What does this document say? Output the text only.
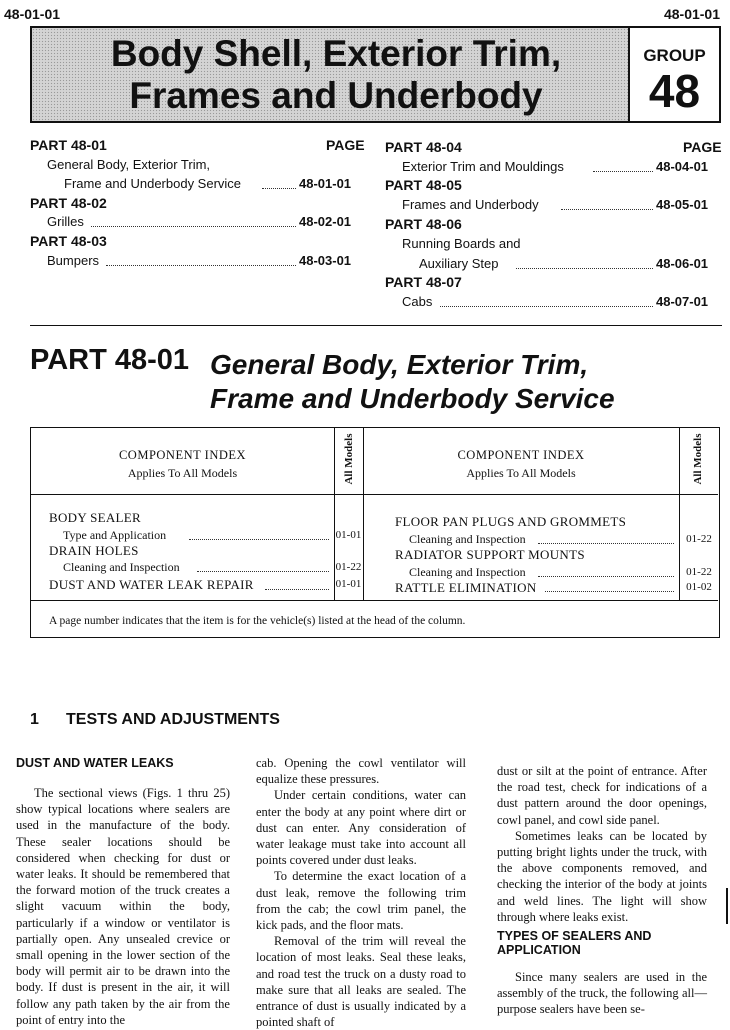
48-01-01	48-01-01
Body Shell, Exterior Trim,
Frames and Underbody
GROUP
48
PART 48-01	PAGE
General Body, Exterior Trim,
Frame and Underbody Service	48-01-01
PART 48-02
Grilles	48-02-01
PART 48-03
Bumpers	48-03-01
PART 48-04	PAGE
Exterior Trim and Mouldings	48-04-01
PART 48-05
Frames and Underbody	48-05-01
PART 48-06
Running Boards and
Auxiliary Step	48-06-01
PART 48-07
Cabs	48-07-01
PART 48-01 General Body, Exterior Trim,
Frame and Underbody Service
COMPONENT INDEX
Applies To All Models	All Models	COMPONENT INDEX
Applies To All Models	All Models
BODY SEALER
Type and Application	01-01
DRAIN HOLES
Cleaning and Inspection	01-22
DUST AND WATER LEAK REPAIR	01-01
FLOOR PAN PLUGS AND GROMMETS
Cleaning and Inspection	01-22
RADIATOR SUPPORT MOUNTS
Cleaning and Inspection	01-22
RATTLE ELIMINATION	01-02
A page number indicates that the item is for the vehicle(s) listed at the head of the column.
1 TESTS AND ADJUSTMENTS
DUST AND WATER LEAKS

The sectional views (Figs. 1 thru 25) show typical locations where sealers are used in the manufacture of the body. These sealer locations should be considered when checking for dust or water leaks. It should be remembered that the forward motion of the truck creates a slight vacuum within the body, particularly if a window or ventilator is partially open. Any unsealed crevice or small opening in the lower section of the body will permit air to be drawn into the body. If dust is present in the air, it will follow any path taken by the air from the point of entry into the

cab. Opening the cowl ventilator will equalize these pressures.

Under certain conditions, water can enter the body at any point where dirt or dust can enter. Any consideration of water leakage must take into account all points covered under dust leaks.

To determine the exact location of a dust leak, remove the following trim from the cab; the cowl trim panel, the kick pads, and the floor mats.

Removal of the trim will reveal the location of most leaks. Seal these leaks, and road test the truck on a dusty road to make sure that all leaks are sealed. The entrance of dust is usually indicated by a pointed shaft of

dust or silt at the point of entrance. After the road test, check for indications of a dust pattern around the door openings, cowl panel, and cowl side panel.

Sometimes leaks can be located by putting bright lights under the truck, with the above components removed, and checking the interior of the body at joints and weld lines. The light will show through where leaks exist.

TYPES OF SEALERS AND APPLICATION

Since many sealers are used in the assembly of the truck, the following all—purpose sealers have been se-
